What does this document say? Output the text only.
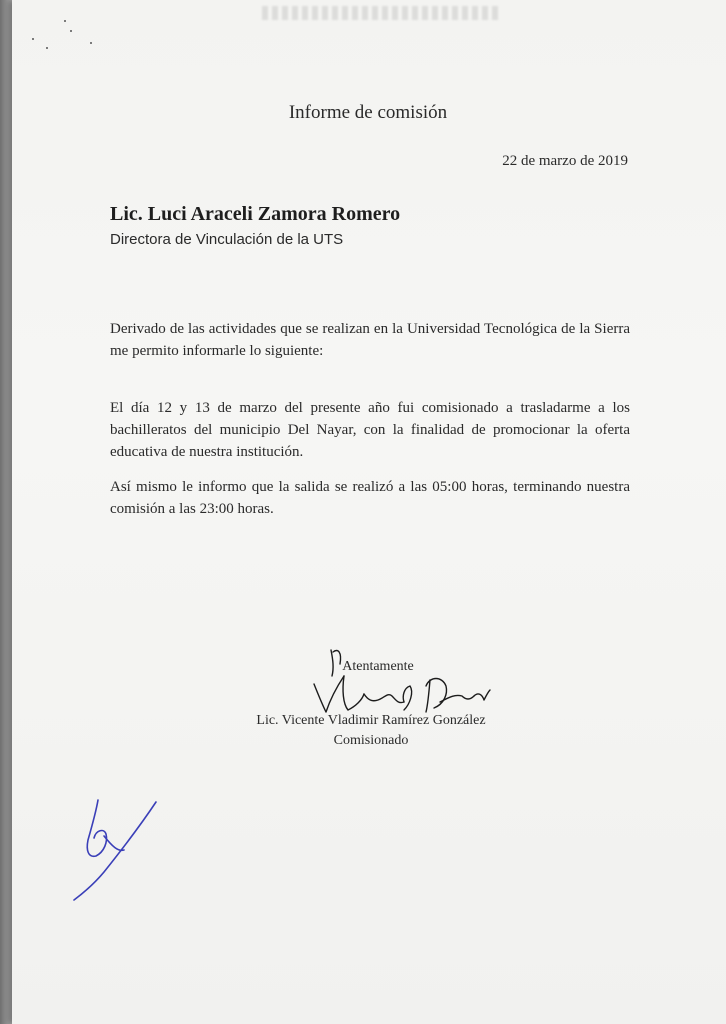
Informe de comisión
22 de marzo de 2019
Lic. Luci Araceli Zamora Romero
Directora de Vinculación de la UTS
Derivado de las actividades que se realizan en la Universidad Tecnológica de la Sierra me permito informarle lo siguiente:
El día 12 y 13 de marzo del presente año fui comisionado a trasladarme a los bachilleratos del municipio Del Nayar, con la finalidad de promocionar la oferta educativa de nuestra institución.
Así mismo le informo que la salida se realizó a las 05:00 horas, terminando nuestra comisión a las 23:00 horas.
Atentamente
Lic. Vicente Vladimir Ramírez González
Comisionado
